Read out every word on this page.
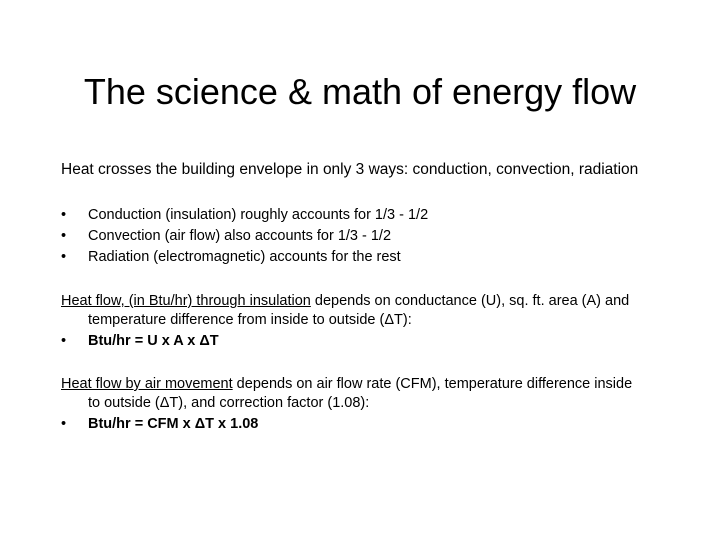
The science & math of energy flow
Heat crosses the building envelope in only 3 ways: conduction, convection, radiation
• Conduction (insulation) roughly accounts for 1/3 - 1/2
• Convection (air flow) also accounts for 1/3 - 1/2
• Radiation (electromagnetic) accounts for the rest
Heat flow, (in Btu/hr) through insulation depends on conductance (U), sq. ft. area (A) and
temperature difference from inside to outside (ΔT):
• Btu/hr = U x A x ΔT
Heat flow by air movement depends on air flow rate (CFM), temperature difference inside
to outside (ΔT), and correction factor (1.08):
• Btu/hr = CFM x ΔT x 1.08
